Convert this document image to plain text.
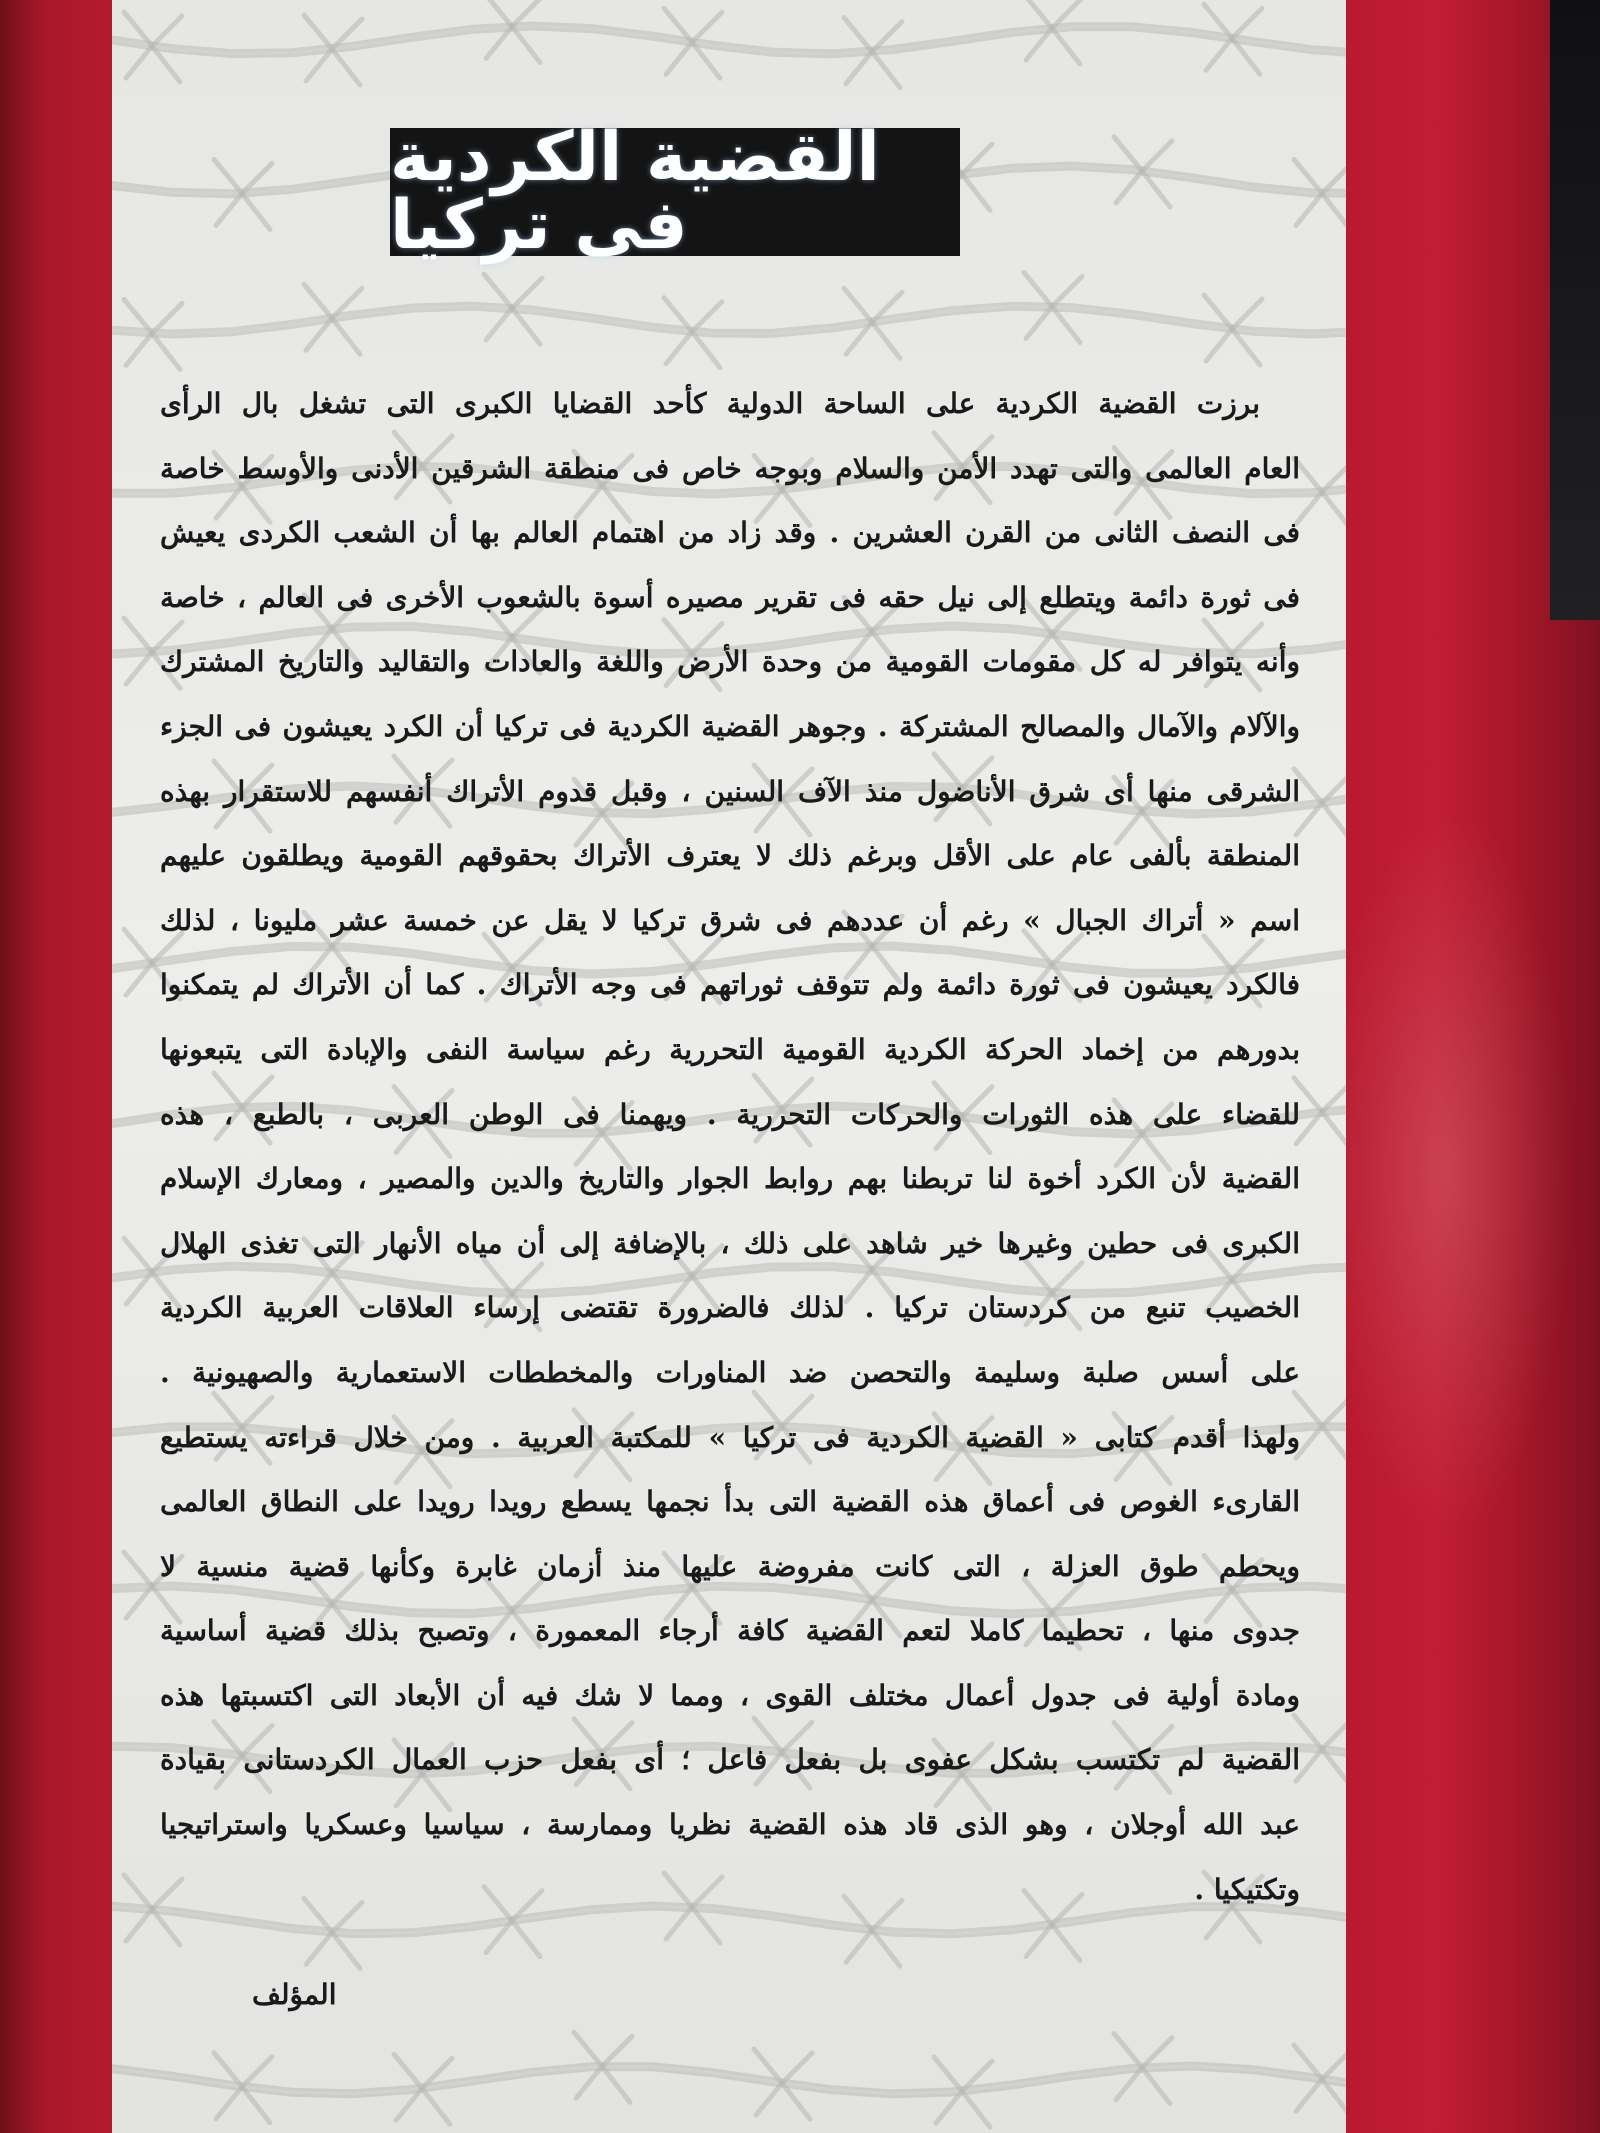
القضية الكردية فى تركيا
برزت القضية الكردية على الساحة الدولية كأحد القضايا الكبرى التى تشغل بال الرأى
العام العالمى والتى تهدد الأمن والسلام وبوجه خاص فى منطقة الشرقين الأدنى والأوسط خاصة
فى النصف الثانى من القرن العشرين . وقد زاد من اهتمام العالم بها أن الشعب الكردى يعيش
فى ثورة دائمة ويتطلع إلى نيل حقه فى تقرير مصيره أسوة بالشعوب الأخرى فى العالم ، خاصة
وأنه يتوافر له كل مقومات القومية من وحدة الأرض واللغة والعادات والتقاليد والتاريخ المشترك
والآلام والآمال والمصالح المشتركة . وجوهر القضية الكردية فى تركيا أن الكرد يعيشون فى الجزء
الشرقى منها أى شرق الأناضول منذ الآف السنين ، وقبل قدوم الأتراك أنفسهم للاستقرار بهذه
المنطقة بألفى عام على الأقل وبرغم ذلك لا يعترف الأتراك بحقوقهم القومية ويطلقون عليهم
اسم « أتراك الجبال » رغم أن عددهم فى شرق تركيا لا يقل عن خمسة عشر مليونا ، لذلك
فالكرد يعيشون فى ثورة دائمة ولم تتوقف ثوراتهم فى وجه الأتراك . كما أن الأتراك لم يتمكنوا
بدورهم من إخماد الحركة الكردية القومية التحررية رغم سياسة النفى والإبادة التى يتبعونها
للقضاء على هذه الثورات والحركات التحررية . ويهمنا فى الوطن العربى ، بالطبع ، هذه
القضية لأن الكرد أخوة لنا تربطنا بهم روابط الجوار والتاريخ والدين والمصير ، ومعارك الإسلام
الكبرى فى حطين وغيرها خير شاهد على ذلك ، بالإضافة إلى أن مياه الأنهار التى تغذى الهلال
الخصيب تنبع من كردستان تركيا . لذلك فالضرورة تقتضى إرساء العلاقات العربية الكردية
على أسس صلبة وسليمة والتحصن ضد المناورات والمخططات الاستعمارية والصهيونية .
ولهذا أقدم كتابى « القضية الكردية فى تركيا » للمكتبة العربية . ومن خلال قراءته يستطيع
القارىء الغوص فى أعماق هذه القضية التى بدأ نجمها يسطع رويدا رويدا على النطاق العالمى
ويحطم طوق العزلة ، التى كانت مفروضة عليها منذ أزمان غابرة وكأنها قضية منسية لا
جدوى منها ، تحطيما كاملا لتعم القضية كافة أرجاء المعمورة ، وتصبح بذلك قضية أساسية
ومادة أولية فى جدول أعمال مختلف القوى ، ومما لا شك فيه أن الأبعاد التى اكتسبتها هذه
القضية لم تكتسب بشكل عفوى بل بفعل فاعل ؛ أى بفعل حزب العمال الكردستانى بقيادة
عبد الله أوجلان ، وهو الذى قاد هذه القضية نظريا وممارسة ، سياسيا وعسكريا واستراتيجيا
وتكتيكيا .
المؤلف
